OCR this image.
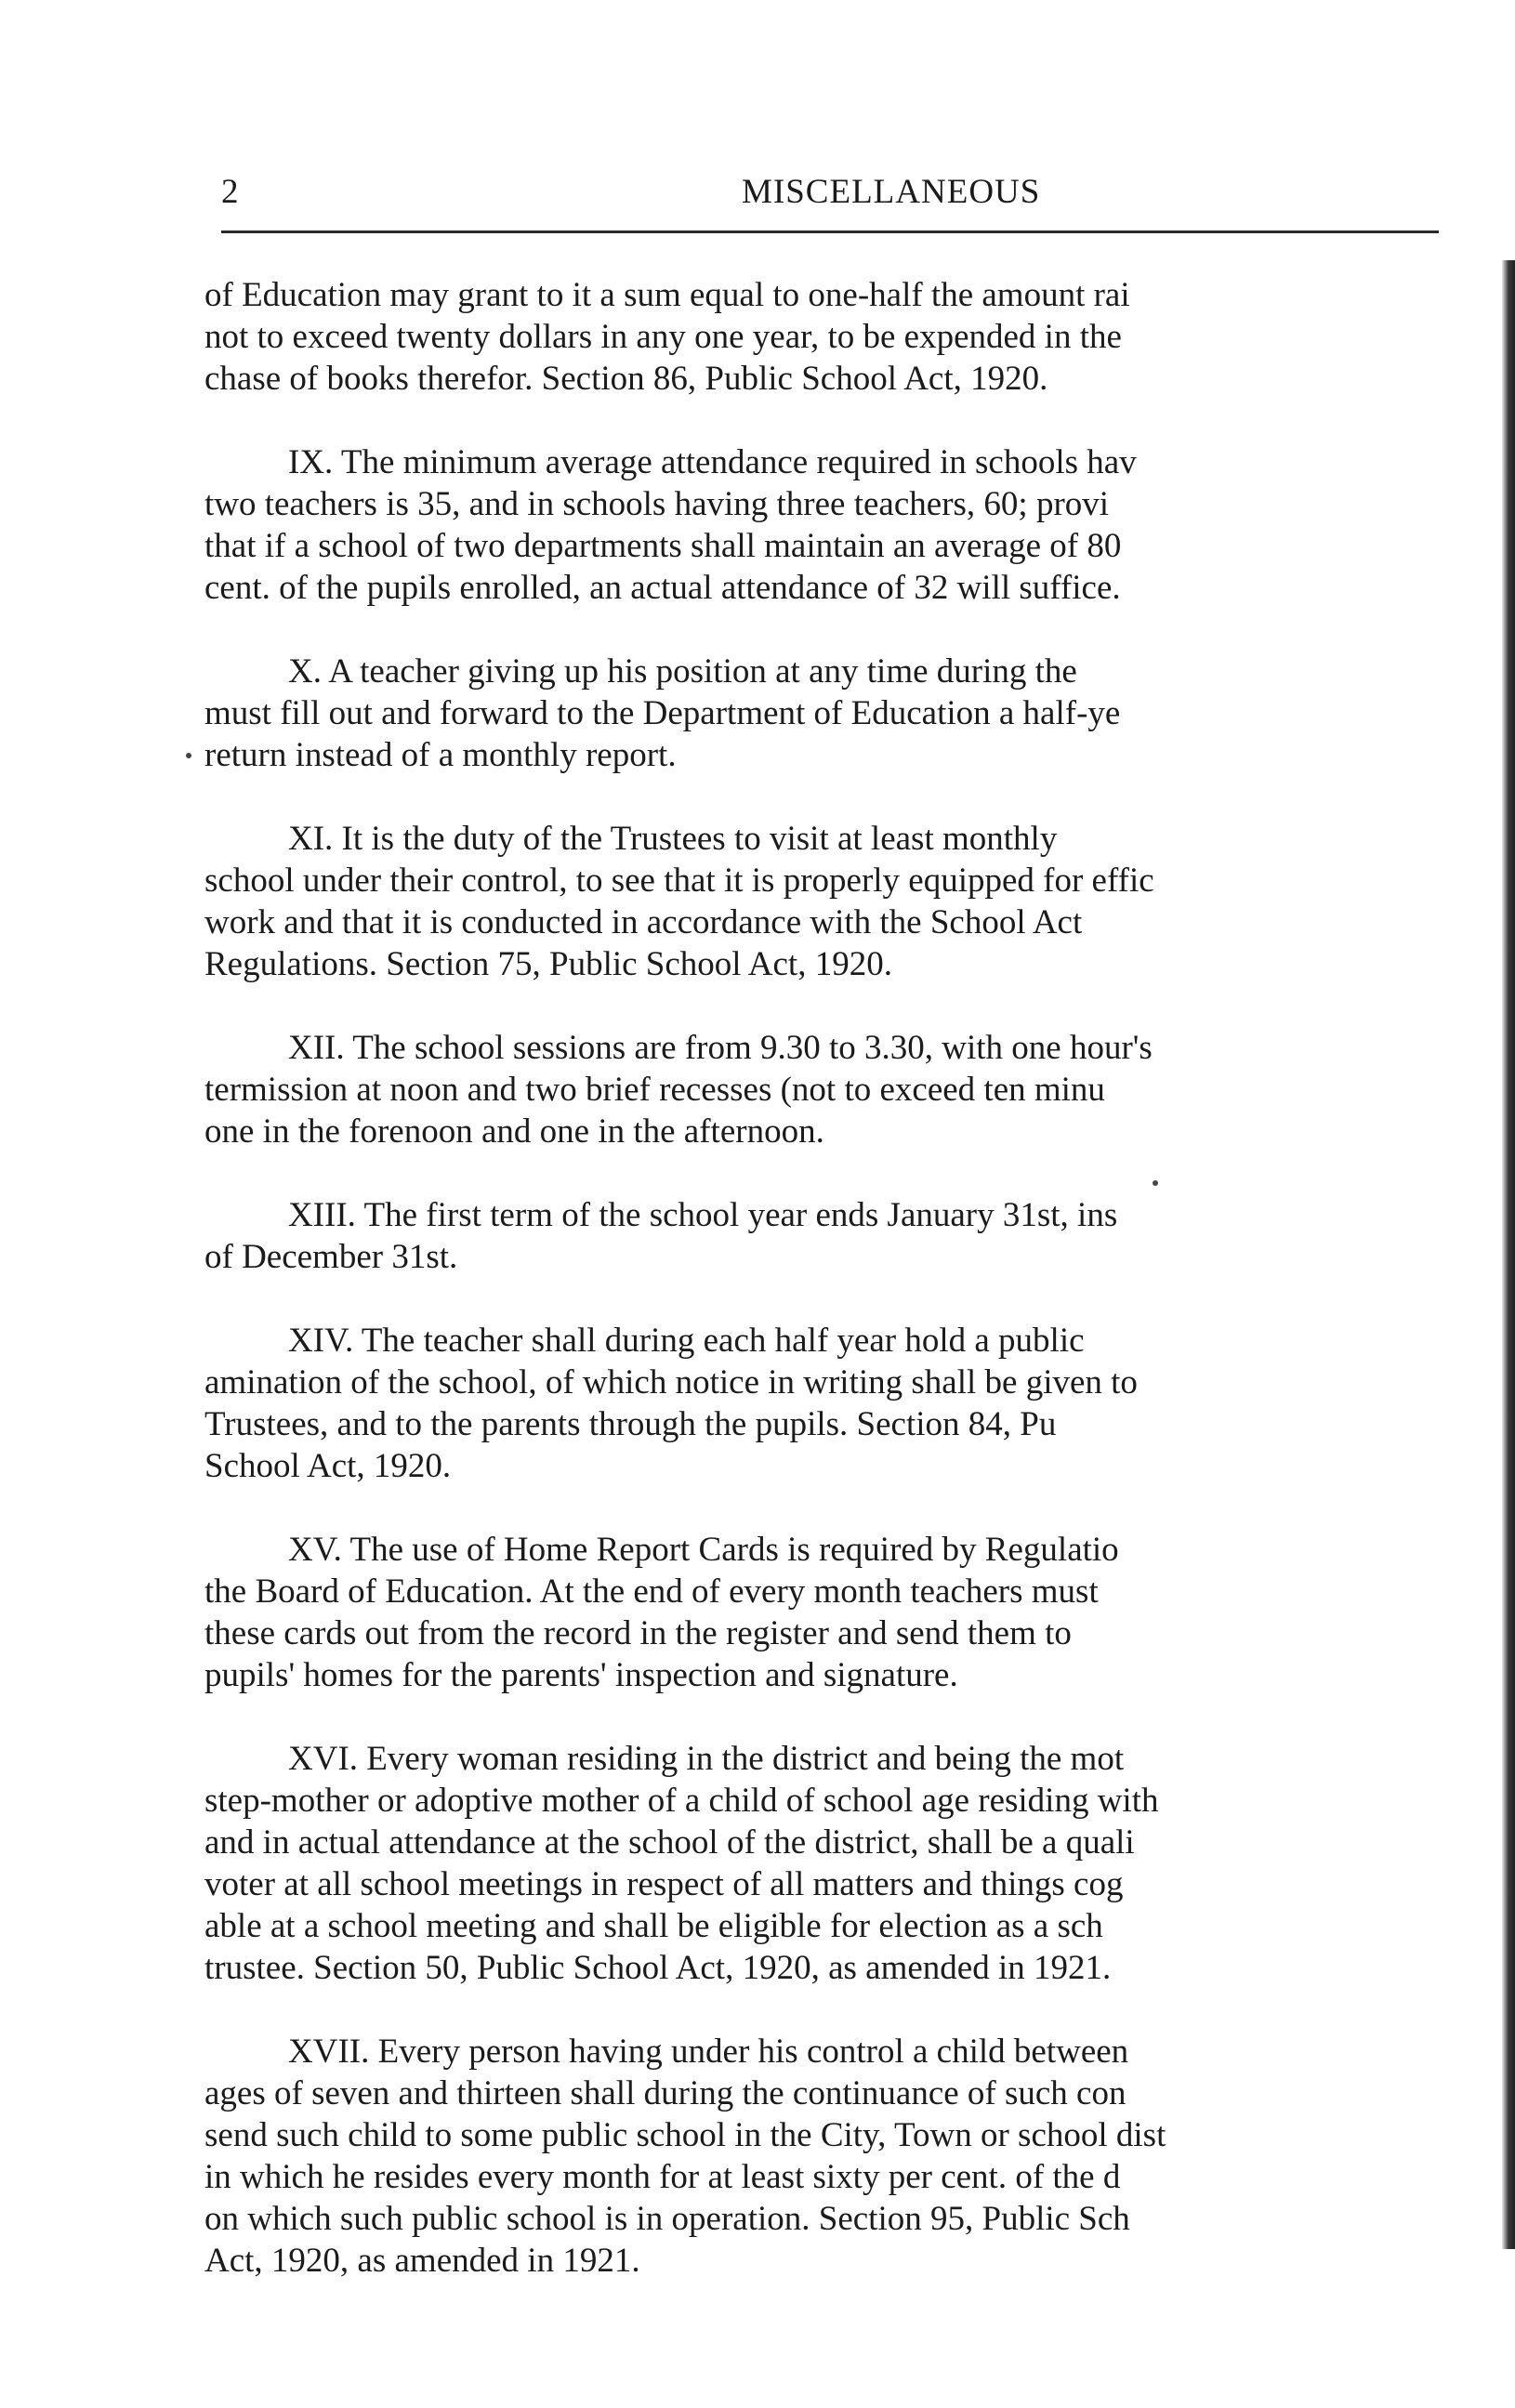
2	MISCELLANEOUS

of Education may grant to it a sum equal to one-half the amount rai
not to exceed twenty dollars in any one year, to be expended in the
chase of books therefor. Section 86, Public School Act, 1920.

IX. The minimum average attendance required in schools hav
two teachers is 35, and in schools having three teachers, 60; provi
that if a school of two departments shall maintain an average of 80
cent. of the pupils enrolled, an actual attendance of 32 will suffice.

X. A teacher giving up his position at any time during the
must fill out and forward to the Department of Education a half-ye
return instead of a monthly report.

XI. It is the duty of the Trustees to visit at least monthly
school under their control, to see that it is properly equipped for effic
work and that it is conducted in accordance with the School Act
Regulations. Section 75, Public School Act, 1920.

XII. The school sessions are from 9.30 to 3.30, with one hour's
termission at noon and two brief recesses (not to exceed ten minu
one in the forenoon and one in the afternoon.

XIII. The first term of the school year ends January 31st, ins
of December 31st.

XIV. The teacher shall during each half year hold a public
amination of the school, of which notice in writing shall be given to
Trustees, and to the parents through the pupils. Section 84, Pu
School Act, 1920.

XV. The use of Home Report Cards is required by Regulatio
the Board of Education. At the end of every month teachers must
these cards out from the record in the register and send them to
pupils' homes for the parents' inspection and signature.

XVI. Every woman residing in the district and being the mot
step-mother or adoptive mother of a child of school age residing with
and in actual attendance at the school of the district, shall be a quali
voter at all school meetings in respect of all matters and things cog
able at a school meeting and shall be eligible for election as a sch
trustee. Section 50, Public School Act, 1920, as amended in 1921.

XVII. Every person having under his control a child between
ages of seven and thirteen shall during the continuance of such con
send such child to some public school in the City, Town or school dist
in which he resides every month for at least sixty per cent. of the d
on which such public school is in operation. Section 95, Public Sch
Act, 1920, as amended in 1921.
